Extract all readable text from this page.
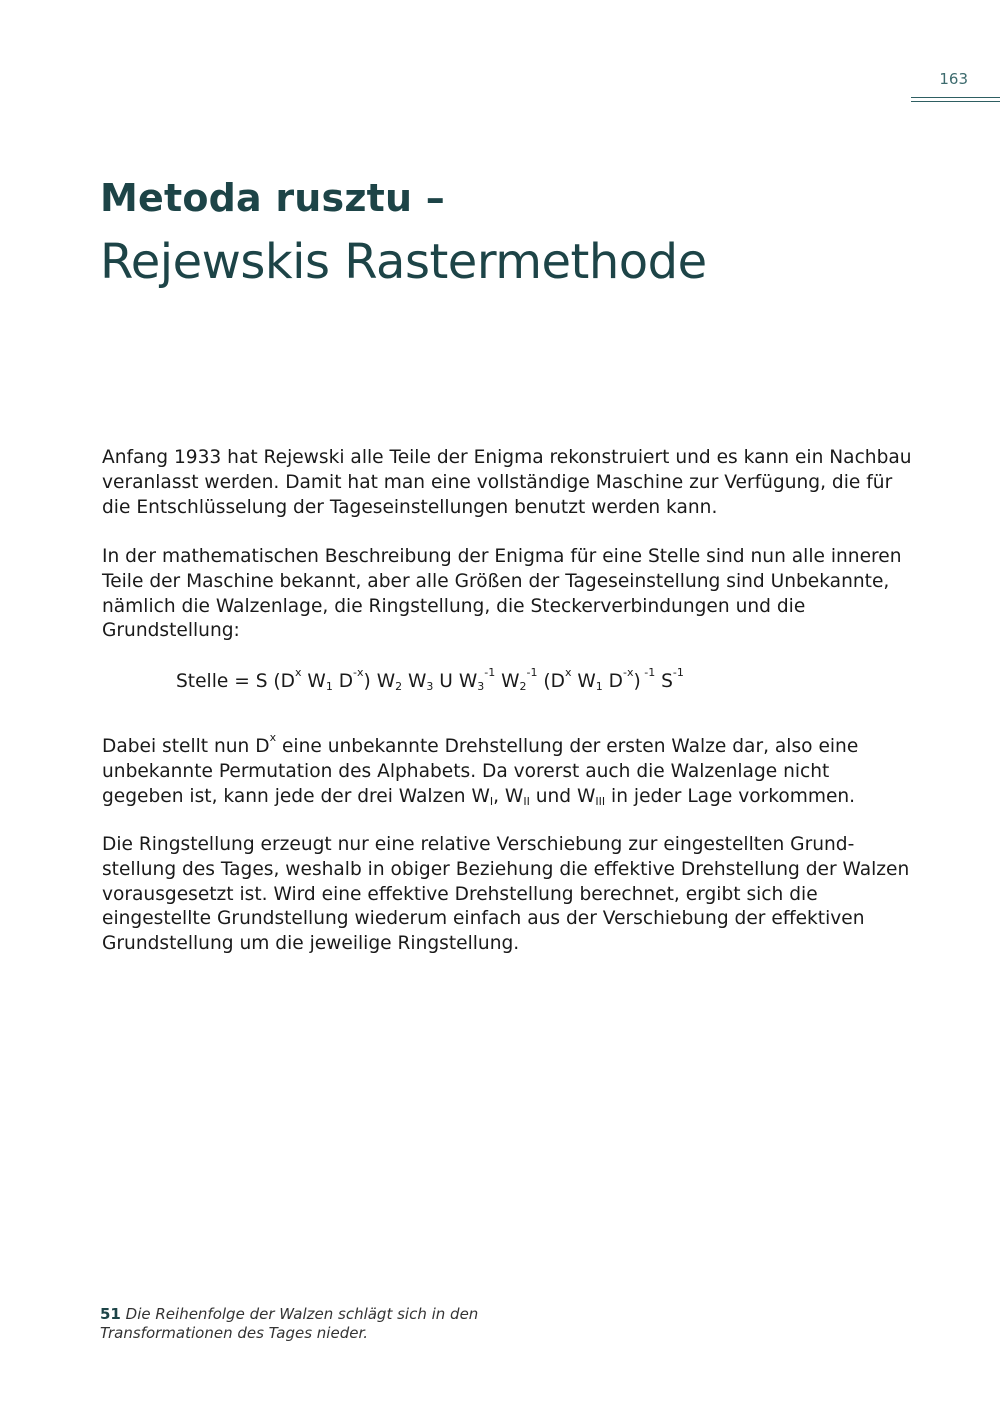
163
Metoda rusztu –
Rejewskis Rastermethode

Anfang 1933 hat Rejewski alle Teile der Enigma rekonstruiert und es kann ein Nachbau veranlasst werden. Damit hat man eine vollständige Maschine zur Verfügung, die für die Entschlüsselung der Tageseinstellungen benutzt werden kann.

In der mathematischen Beschreibung der Enigma für eine Stelle sind nun alle inneren Teile der Maschine bekannt, aber alle Größen der Tageseinstellung sind Unbekannte, nämlich die Walzenlage, die Ringstellung, die Steckerverbindungen und die Grundstellung:

Stelle = S ($D^x$ $W_1$ $D^{-x}$) $W_2$ $W_3$ U $W_3^{-1}$ $W_2^{-1}$ ($D^x$ $W_1$ $D^{-x}$) $^{-1}$ $S^{-1}$

Dabei stellt nun $D^x$ eine unbekannte Drehstellung der ersten Walze dar, also eine unbekannte Permutation des Alphabets. Da vorerst auch die Walzenlage nicht gegeben ist, kann jede der drei Walzen $W_I$, $W_{II}$ und $W_{III}$ in jeder Lage vorkommen.

Die Ringstellung erzeugt nur eine relative Verschiebung zur eingestellten Grund-stellung des Tages, weshalb in obiger Beziehung die effektive Drehstellung der Walzen vorausgesetzt ist. Wird eine effektive Drehstellung berechnet, ergibt sich die eingestellte Grundstellung wiederum einfach aus der Verschiebung der effektiven Grundstellung um die jeweilige Ringstellung.

51 Die Reihenfolge der Walzen schlägt sich in den Transformationen des Tages nieder.
